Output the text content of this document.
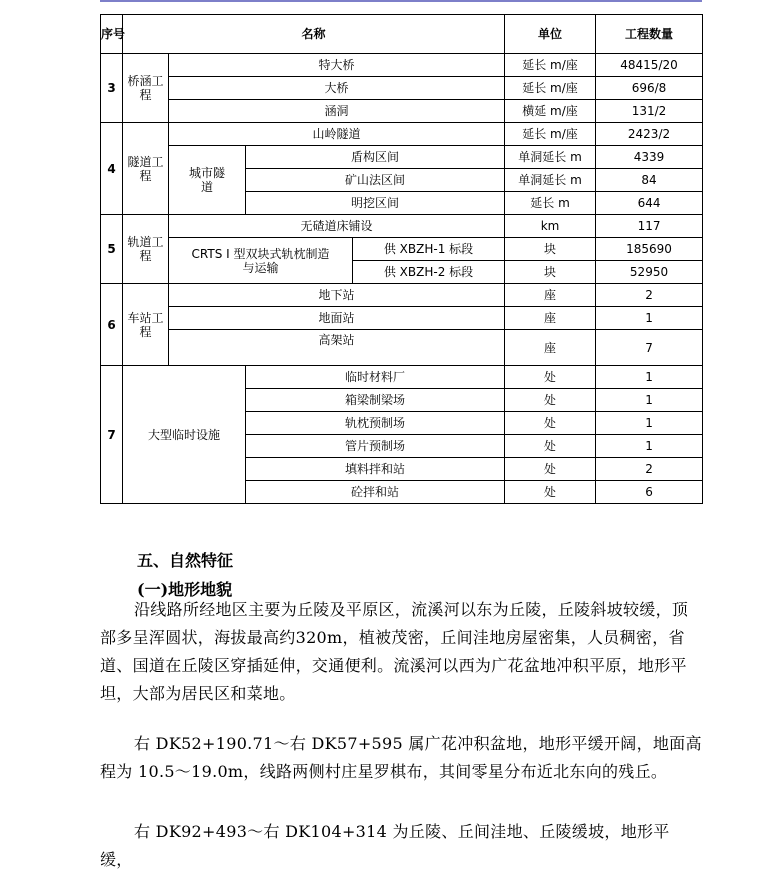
序号	名称				单位	工程数量
3	桥涵工程	特大桥			延长 m/座	48415/20
		大桥			延长 m/座	696/8
		涵洞			横延 m/座	131/2
4	隧道工程	山岭隧道			延长 m/座	2423/2
		城市隧道	盾构区间		单洞延长 m	4339
			矿山法区间		单洞延长 m	84
			明挖区间		延长 m	644
5	轨道工程	无碴道床铺设			km	117
		CRTS I 型双块式轨枕制造与运输		供 XBZH-1 标段	块	185690
				供 XBZH-2 标段	块	52950
6	车站工程	地下站			座	2
		地面站			座	1
		高架站			座	7
7	大型临时设施		临时材料厂		处	1
			箱梁制梁场		处	1
			轨枕预制场		处	1
			管片预制场		处	1
			填料拌和站		处	2
			砼拌和站		处	6
五、自然特征
(一)地形地貌

沿线路所经地区主要为丘陵及平原区，流溪河以东为丘陵，丘陵斜坡较缓，顶部多呈浑圆状，海拔最高约320m，植被茂密，丘间洼地房屋密集，人员稠密，省道、国道在丘陵区穿插延伸，交通便利。流溪河以西为广花盆地冲积平原，地形平坦，大部为居民区和菜地。

右 DK52+190.71～右 DK57+595 属广花冲积盆地，地形平缓开阔，地面高程为 10.5～19.0m，线路两侧村庄星罗棋布，其间零星分布近北东向的残丘。

右 DK92+493～右 DK104+314 为丘陵、丘间洼地、丘陵缓坡，地形平缓，
